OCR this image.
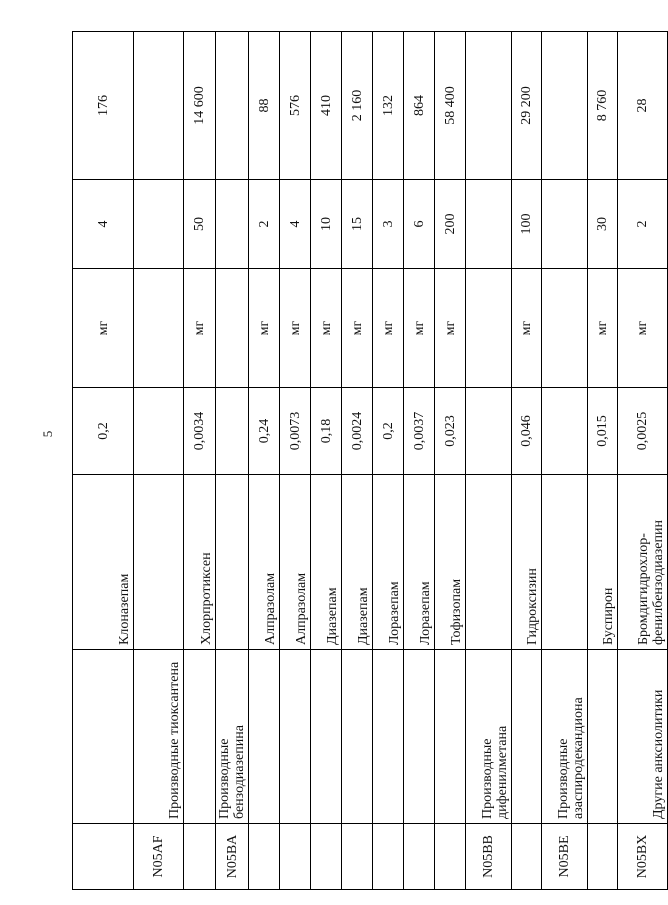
5
		Клоназепам	0,2	мг	4	176
N05AF	Производные тиоксантена					
		Хлорпротиксен	0,0034	мг	50	14 600
N05BA	Производные бензодиазепина					
		Алпразолам	0,24	мг	2	88
		Алпразолам	0,0073	мг	4	576
		Диазепам	0,18	мг	10	410
		Диазепам	0,0024	мг	15	2 160
		Лоразепам	0,2	мг	3	132
		Лоразепам	0,0037	мг	6	864
		Тофизопам	0,023	мг	200	58 400
N05BB	Производные дифенилметана					
		Гидроксизин	0,046	мг	100	29 200
N05BE	Производные азаспиродекандиона					
		Буспирон	0,015	мг	30	8 760
N05BX	Другие анксиолитики	Бромдигидрохлор-фенилбензодиазепин	0,0025	мг	2	28
